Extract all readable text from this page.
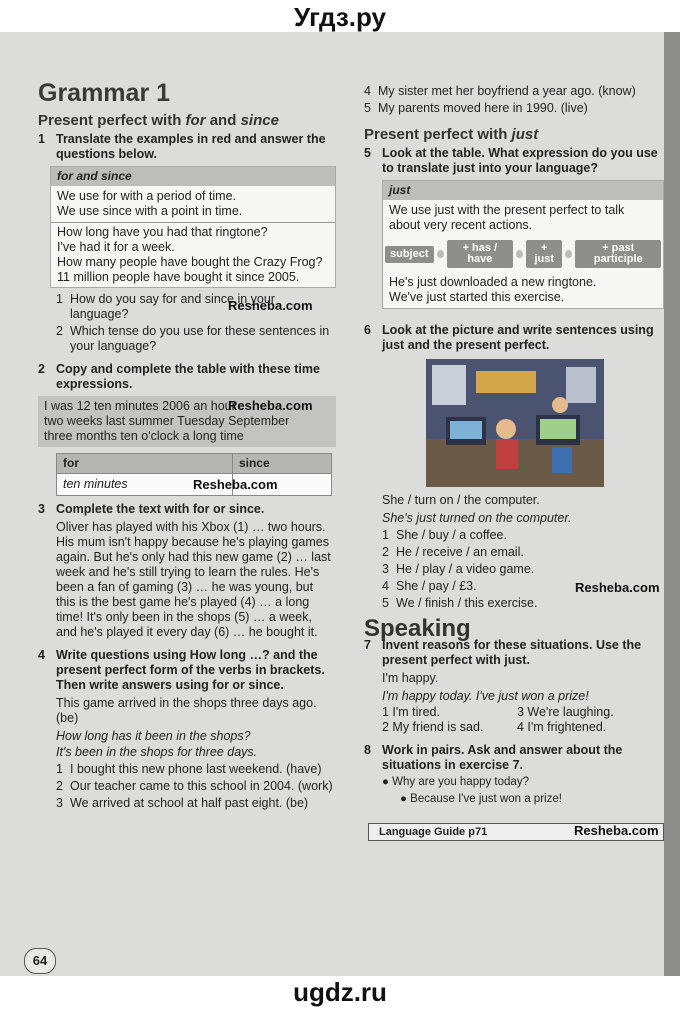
Угдз.ру
Grammar 1
Present perfect with for and since

1 Translate the examples in red and answer the questions below.

for and since
We use for with a period of time.
We use since with a point in time.
How long have you had that ringtone?
I've had it for a week.
How many people have bought the Crazy Frog?
11 million people have bought it since 2005.
1 How do you say for and since in your language?
2 Which tense do you use for these sentences in your language?

2 Copy and complete the table with these time expressions.

I was 12 ten minutes 2006 an hour
two weeks last summer Tuesday September
three months ten o'clock a long time
for	since
ten minutes	

3 Complete the text with for or since.

Oliver has played with his Xbox (1) … two hours. His mum isn't happy because he's playing games again. But he's only had this new game (2) … last week and he's still trying to learn the rules. He's been a fan of gaming (3) … he was young, but this is the best game he's played (4) … a long time! It's only been in the shops (5) … a week, and he's played it every day (6) … he bought it.

4 Write questions using How long …? and the present perfect form of the verbs in brackets. Then write answers using for or since.

This game arrived in the shops three days ago. (be)
How long has it been in the shops?
It's been in the shops for three days.
1 I bought this new phone last weekend. (have)
2 Our teacher came to this school in 2004. (work)
3 We arrived at school at half past eight. (be)
4 My sister met her boyfriend a year ago. (know)
5 My parents moved here in 1990. (live)
Present perfect with just

5 Look at the table. What expression do you use to translate just into your language?

just
We use just with the present perfect to talk about very recent actions.
subject	+ has / have
+ just
+ past participle
He's just downloaded a new ringtone.
We've just started this exercise.

6 Look at the picture and write sentences using just and the present perfect.

She / turn on / the computer.
She's just turned on the computer.
1 She / buy / a coffee.
2 He / receive / an email.
3 He / play / a video game.
4 She / pay / £3.
5 We / finish / this exercise.
Speaking

7 Invent reasons for these situations. Use the present perfect with just.

I'm happy.
I'm happy today. I've just won a prize!
1 I'm tired.	3 We're laughing.
2 My friend is sad.	4 I'm frightened.

8 Work in pairs. Ask and answer about the situations in exercise 7.

● Why are you happy today?
● Because I've just won a prize!
Language Guide p71
Resheba.com
Resheba.com
Resheba.com
Resheba.com
Resheba.com
64
ugdz.ru
